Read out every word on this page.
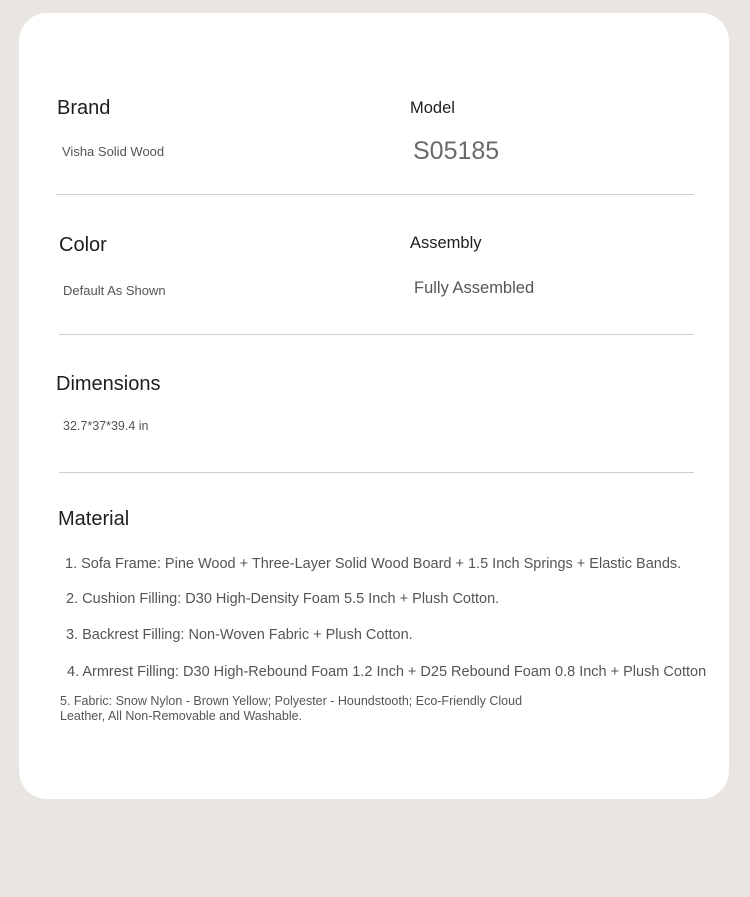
Brand
Visha Solid Wood
Model
S05185
Color
Default As Shown
Assembly
Fully Assembled
Dimensions
32.7*37*39.4 in
Material
1. Sofa Frame: Pine Wood + Three-Layer Solid Wood Board + 1.5 Inch Springs + Elastic Bands.
2. Cushion Filling: D30 High-Density Foam 5.5 Inch + Plush Cotton.
3. Backrest Filling: Non-Woven Fabric + Plush Cotton.
4. Armrest Filling: D30 High-Rebound Foam 1.2 Inch + D25 Rebound Foam 0.8 Inch + Plush Cotton
5. Fabric: Snow Nylon - Brown Yellow; Polyester - Houndstooth; Eco-Friendly Cloud Leather, All Non-Removable and Washable.
